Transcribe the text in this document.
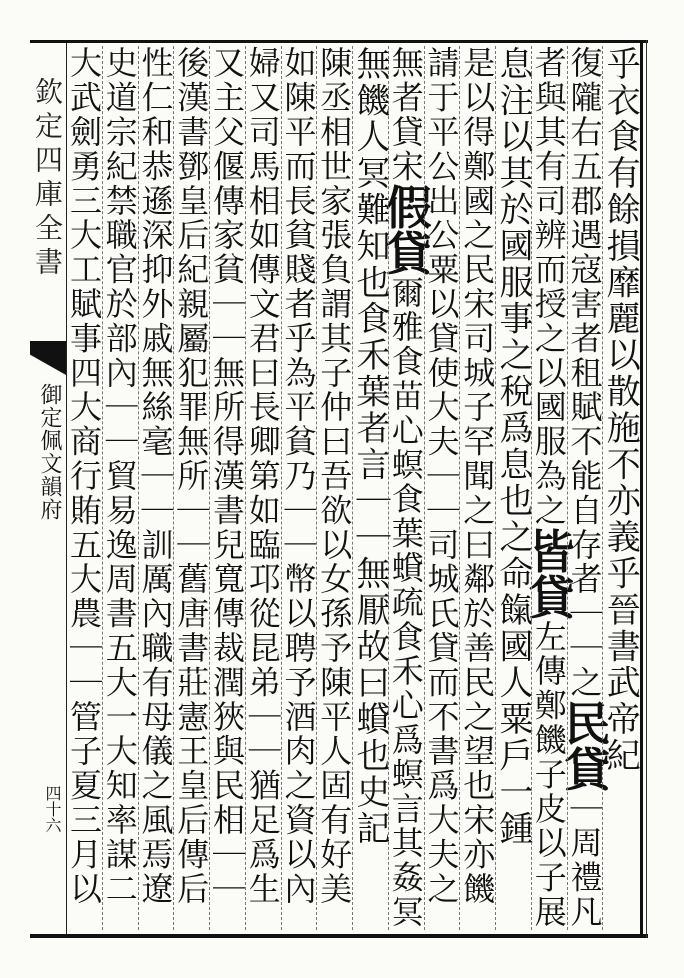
欽定四庫全書
御定佩文韻府
四十六
乎衣食有餘損靡麗以散施不亦義乎晉書武帝紀
復隴右五郡遇寇害者租賦不能自存者｜｜之民貸｜周禮凡
者與其有司辨而授之以國服為之皆貸左傳鄭饑子皮以子展
息注以其於國服事之稅爲息也之命餼國人粟戶一鍾
是以得鄭國之民宋司城子罕聞之曰鄰於善民之望也宋亦饑
請于平公出公粟以貸使大夫｜｜司城氏貸而不書爲大夫之
無者貸宋假貸爾雅食苗心螟食葉蟘疏食禾心爲螟言其姦冥
無饑人冥難知也食禾葉者言｜｜無厭故曰蟘也史記
陳丞相世家張負謂其子仲曰吾欲以女孫予陳平人固有好美
如陳平而長貧賤者乎為平貧乃｜｜幣以聘予酒肉之資以內
婦又司馬相如傳文君曰長卿第如臨邛從昆弟｜｜猶足爲生
又主父偃傳家貧｜｜無所得漢書兒寬傳裁潤狹與民相｜｜
後漢書鄧皇后紀親屬犯罪無所｜｜舊唐書莊憲王皇后傳后
性仁和恭遜深抑外戚無絲毫｜｜訓厲內職有母儀之風焉遼
史道宗紀禁職官於部內｜｜貿易逸周書五大一大知率謀二
大武劍勇三大工賦事四大商行賄五大農｜｜管子夏三月以
